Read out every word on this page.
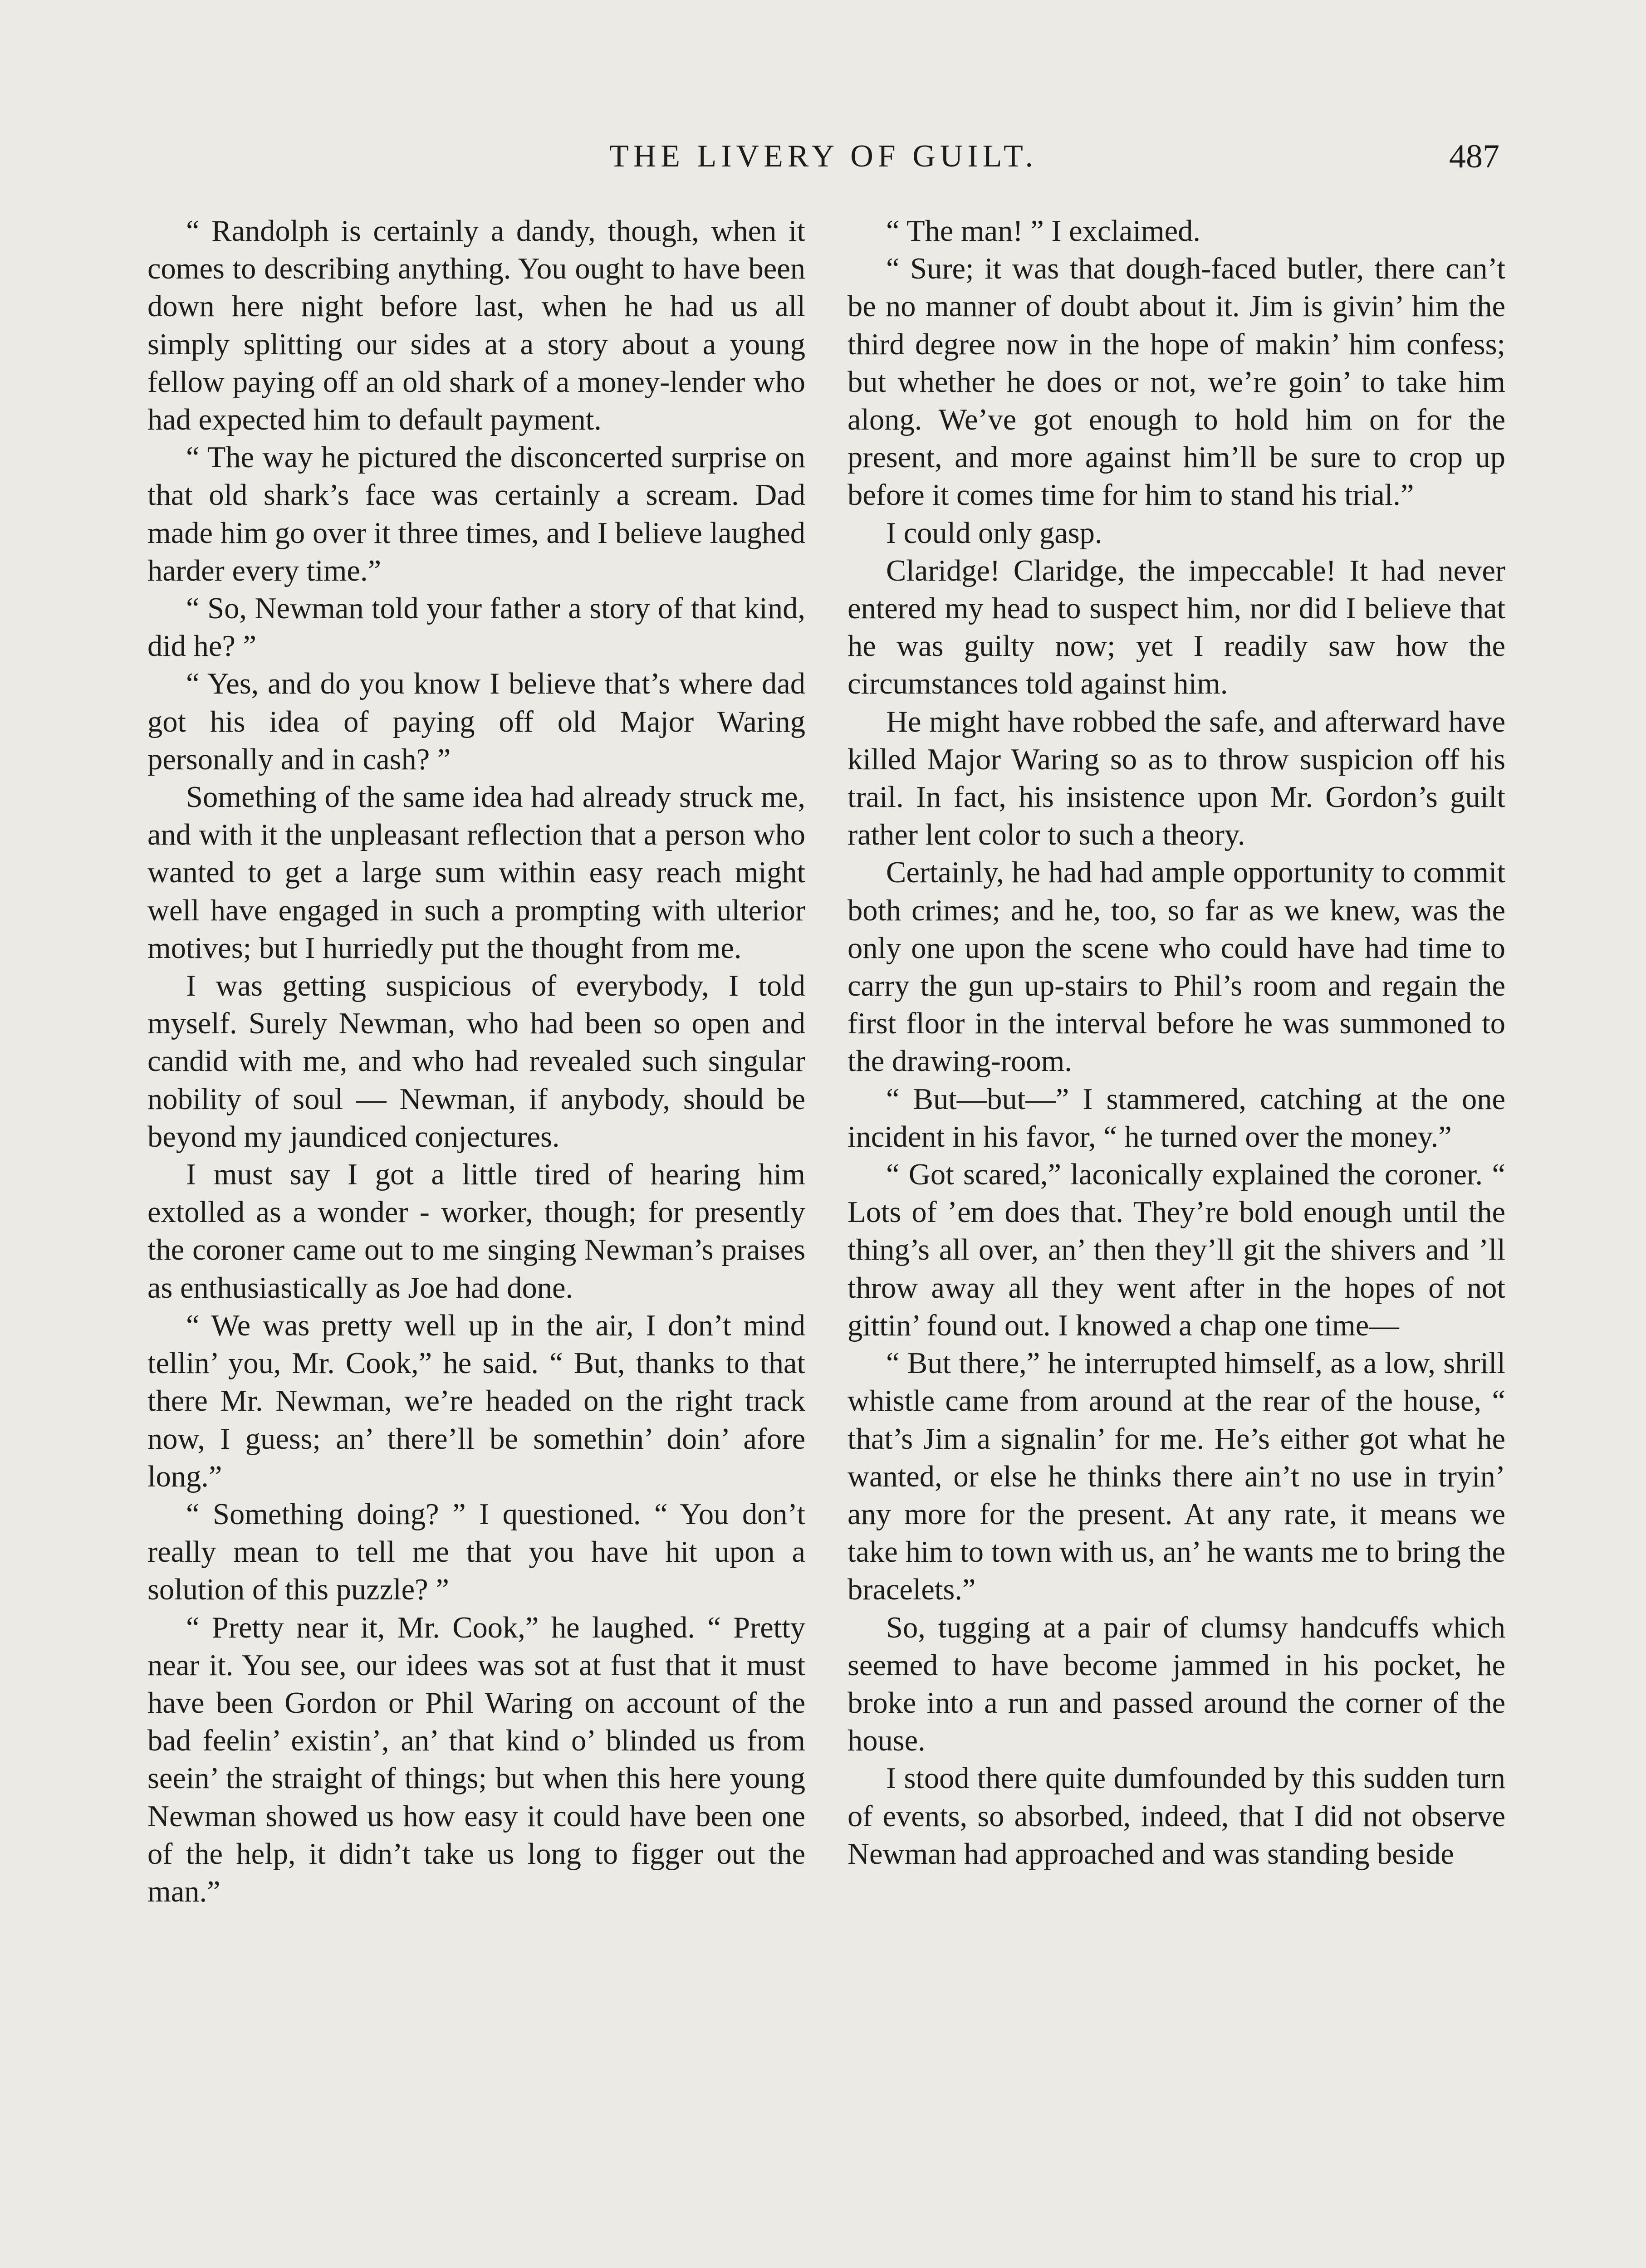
THE LIVERY OF GUILT.	487

“ Randolph is certainly a dandy, though, when it comes to describing anything. You ought to have been down here night before last, when he had us all simply splitting our sides at a story about a young fellow paying off an old shark of a money-lender who had expected him to default payment.

“ The way he pictured the disconcerted surprise on that old shark’s face was certainly a scream. Dad made him go over it three times, and I believe laughed harder every time.”

“ So, Newman told your father a story of that kind, did he? ”

“ Yes, and do you know I believe that’s where dad got his idea of paying off old Major Waring personally and in cash? ”

Something of the same idea had already struck me, and with it the unpleasant reflection that a person who wanted to get a large sum within easy reach might well have engaged in such a prompting with ulterior motives; but I hurriedly put the thought from me.

I was getting suspicious of everybody, I told myself. Surely Newman, who had been so open and candid with me, and who had revealed such singular nobility of soul — Newman, if anybody, should be beyond my jaundiced conjectures.

I must say I got a little tired of hearing him extolled as a wonder - worker, though; for presently the coroner came out to me singing Newman’s praises as enthusiastically as Joe had done.

“ We was pretty well up in the air, I don’t mind tellin’ you, Mr. Cook,” he said. “ But, thanks to that there Mr. Newman, we’re headed on the right track now, I guess; an’ there’ll be somethin’ doin’ afore long.”

“ Something doing? ” I questioned. “ You don’t really mean to tell me that you have hit upon a solution of this puzzle? ”

“ Pretty near it, Mr. Cook,” he laughed. “ Pretty near it. You see, our idees was sot at fust that it must have been Gordon or Phil Waring on account of the bad feelin’ existin’, an’ that kind o’ blinded us from seein’ the straight of things; but when this here young Newman showed us how easy it could have been one of the help, it didn’t take us long to figger out the man.”

“ The man! ” I exclaimed.

“ Sure; it was that dough-faced butler, there can’t be no manner of doubt about it. Jim is givin’ him the third degree now in the hope of makin’ him confess; but whether he does or not, we’re goin’ to take him along. We’ve got enough to hold him on for the present, and more against him’ll be sure to crop up before it comes time for him to stand his trial.”

I could only gasp.

Claridge! Claridge, the impeccable! It had never entered my head to suspect him, nor did I believe that he was guilty now; yet I readily saw how the circumstances told against him.

He might have robbed the safe, and afterward have killed Major Waring so as to throw suspicion off his trail. In fact, his insistence upon Mr. Gordon’s guilt rather lent color to such a theory.

Certainly, he had had ample opportunity to commit both crimes; and he, too, so far as we knew, was the only one upon the scene who could have had time to carry the gun up-stairs to Phil’s room and regain the first floor in the interval before he was summoned to the drawing-room.

“ But—but—” I stammered, catching at the one incident in his favor, “ he turned over the money.”

“ Got scared,” laconically explained the coroner. “ Lots of ’em does that. They’re bold enough until the thing’s all over, an’ then they’ll git the shivers and ’ll throw away all they went after in the hopes of not gittin’ found out. I knowed a chap one time—

“ But there,” he interrupted himself, as a low, shrill whistle came from around at the rear of the house, “ that’s Jim a signalin’ for me. He’s either got what he wanted, or else he thinks there ain’t no use in tryin’ any more for the present. At any rate, it means we take him to town with us, an’ he wants me to bring the bracelets.”

So, tugging at a pair of clumsy handcuffs which seemed to have become jammed in his pocket, he broke into a run and passed around the corner of the house.

I stood there quite dumfounded by this sudden turn of events, so absorbed, indeed, that I did not observe Newman had approached and was standing beside
